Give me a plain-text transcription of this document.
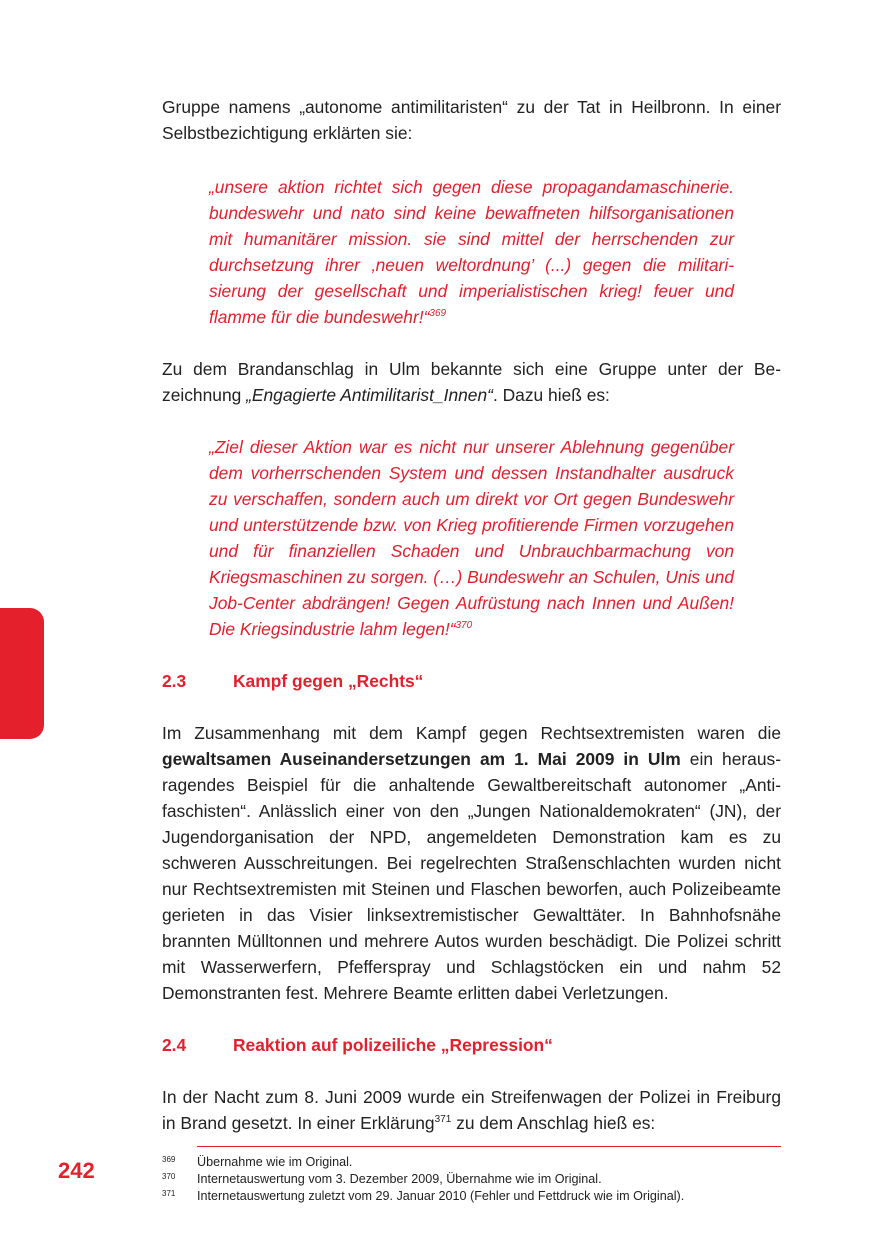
Gruppe namens „autonome antimilitaristen“ zu der Tat in Heilbronn. In einer Selbstbezichtigung erklärten sie:

„unsere aktion richtet sich gegen diese propagandamaschinerie. bundeswehr und nato sind keine bewaffneten hilfsorganisationen mit humanitärer mission. sie sind mittel der herrschenden zur durchsetzung ihrer ‚neuen weltordnung’ (...) gegen die militarisierung der gesellschaft und imperialistischen krieg! feuer und flamme für die bundeswehr!“$^{369}$

Zu dem Brandanschlag in Ulm bekannte sich eine Gruppe unter der Bezeichnung „Engagierte Antimilitarist_Innen“. Dazu hieß es:

„Ziel dieser Aktion war es nicht nur unserer Ablehnung gegenüber dem vorherrschenden System und dessen Instandhalter ausdruck zu verschaffen, sondern auch um direkt vor Ort gegen Bundeswehr und unterstützende bzw. von Krieg profitierende Firmen vorzugehen und für finanziellen Schaden und Unbrauchbarmachung von Kriegsmaschinen zu sorgen. (…) Bundeswehr an Schulen, Unis und Job-Center abdrängen! Gegen Aufrüstung nach Innen und Außen! Die Kriegsindustrie lahm legen!“$^{370}$

2.3	Kampf gegen „Rechts“

Im Zusammenhang mit dem Kampf gegen Rechtsextremisten waren die gewaltsamen Auseinandersetzungen am 1. Mai 2009 in Ulm ein herausragendes Beispiel für die anhaltende Gewaltbereitschaft autonomer „Antifaschisten“. Anlässlich einer von den „Jungen Nationaldemokraten“ (JN), der Jugendorganisation der NPD, angemeldeten Demonstration kam es zu schweren Ausschreitungen. Bei regelrechten Straßenschlachten wurden nicht nur Rechtsextremisten mit Steinen und Flaschen beworfen, auch Polizeibeamte gerieten in das Visier linksextremistischer Gewalttäter. In Bahnhofsnähe brannten Mülltonnen und mehrere Autos wurden beschädigt. Die Polizei schritt mit Wasserwerfern, Pfefferspray und Schlagstöcken ein und nahm 52 Demonstranten fest. Mehrere Beamte erlitten dabei Verletzungen.

2.4	Reaktion auf polizeiliche „Repression“

In der Nacht zum 8. Juni 2009 wurde ein Streifenwagen der Polizei in Freiburg in Brand gesetzt. In einer Erklärung$^{371}$ zu dem Anschlag hieß es:

242	369 Übernahme wie im Original.
370 Internetauswertung vom 3. Dezember 2009, Übernahme wie im Original.
371 Internetauswertung zuletzt vom 29. Januar 2010 (Fehler und Fettdruck wie im Original).
